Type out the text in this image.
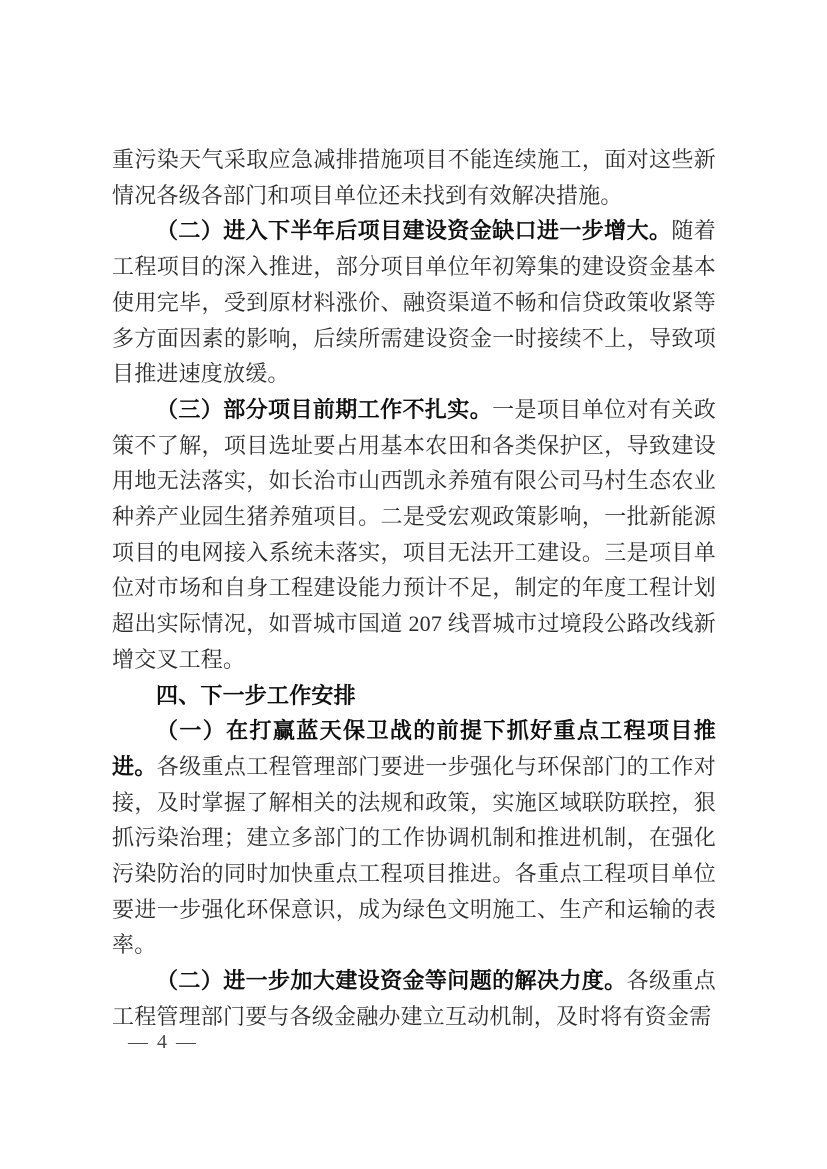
重污染天气采取应急减排措施项目不能连续施工，面对这些新情况各级各部门和项目单位还未找到有效解决措施。

（二）进入下半年后项目建设资金缺口进一步增大。随着工程项目的深入推进，部分项目单位年初筹集的建设资金基本使用完毕，受到原材料涨价、融资渠道不畅和信贷政策收紧等多方面因素的影响，后续所需建设资金一时接续不上，导致项目推进速度放缓。

（三）部分项目前期工作不扎实。一是项目单位对有关政策不了解，项目选址要占用基本农田和各类保护区，导致建设用地无法落实，如长治市山西凯永养殖有限公司马村生态农业种养产业园生猪养殖项目。二是受宏观政策影响，一批新能源项目的电网接入系统未落实，项目无法开工建设。三是项目单位对市场和自身工程建设能力预计不足，制定的年度工程计划超出实际情况，如晋城市国道 207 线晋城市过境段公路改线新增交叉工程。

四、下一步工作安排

（一）在打赢蓝天保卫战的前提下抓好重点工程项目推进。各级重点工程管理部门要进一步强化与环保部门的工作对接，及时掌握了解相关的法规和政策，实施区域联防联控，狠抓污染治理；建立多部门的工作协调机制和推进机制，在强化污染防治的同时加快重点工程项目推进。各重点工程项目单位要进一步强化环保意识，成为绿色文明施工、生产和运输的表率。

（二）进一步加大建设资金等问题的解决力度。各级重点工程管理部门要与各级金融办建立互动机制，及时将有资金需

— 4 —
